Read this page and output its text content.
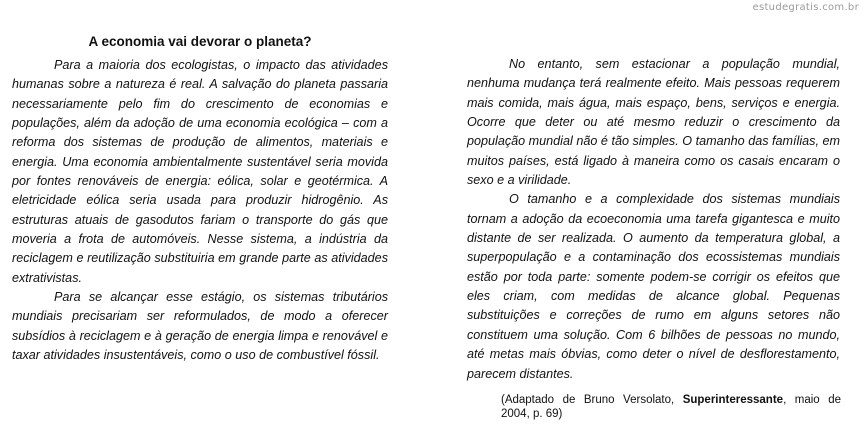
estudegratis.com.br
A economia vai devorar o planeta?

Para a maioria dos ecologistas, o impacto das atividades humanas sobre a natureza é real. A salvação do planeta passaria necessariamente pelo fim do crescimento de economias e populações, além da adoção de uma economia ecológica – com a reforma dos sistemas de produção de alimentos, materiais e energia. Uma economia ambientalmente sustentável seria movida por fontes renováveis de energia: eólica, solar e geotérmica. A eletricidade eólica seria usada para produzir hidrogênio. As estruturas atuais de gasodutos fariam o transporte do gás que moveria a frota de automóveis. Nesse sistema, a indústria da reciclagem e reutilização substituiria em grande parte as atividades extrativistas.

Para se alcançar esse estágio, os sistemas tributários mundiais precisariam ser reformulados, de modo a oferecer subsídios à reciclagem e à geração de energia limpa e renovável e taxar atividades insustentáveis, como o uso de combustível fóssil.

No entanto, sem estacionar a população mundial, nenhuma mudança terá realmente efeito. Mais pessoas requerem mais comida, mais água, mais espaço, bens, serviços e energia. Ocorre que deter ou até mesmo reduzir o crescimento da população mundial não é tão simples. O tamanho das famílias, em muitos países, está ligado à maneira como os casais encaram o sexo e a virilidade.

O tamanho e a complexidade dos sistemas mundiais tornam a adoção da ecoeconomia uma tarefa gigantesca e muito distante de ser realizada. O aumento da temperatura global, a superpopulação e a contaminação dos ecossistemas mundiais estão por toda parte: somente podem-se corrigir os efeitos que eles criam, com medidas de alcance global. Pequenas substituições e correções de rumo em alguns setores não constituem uma solução. Com 6 bilhões de pessoas no mundo, até metas mais óbvias, como deter o nível de desflorestamento, parecem distantes.

(Adaptado de Bruno Versolato, Superinteressante, maio de 2004, p. 69)
